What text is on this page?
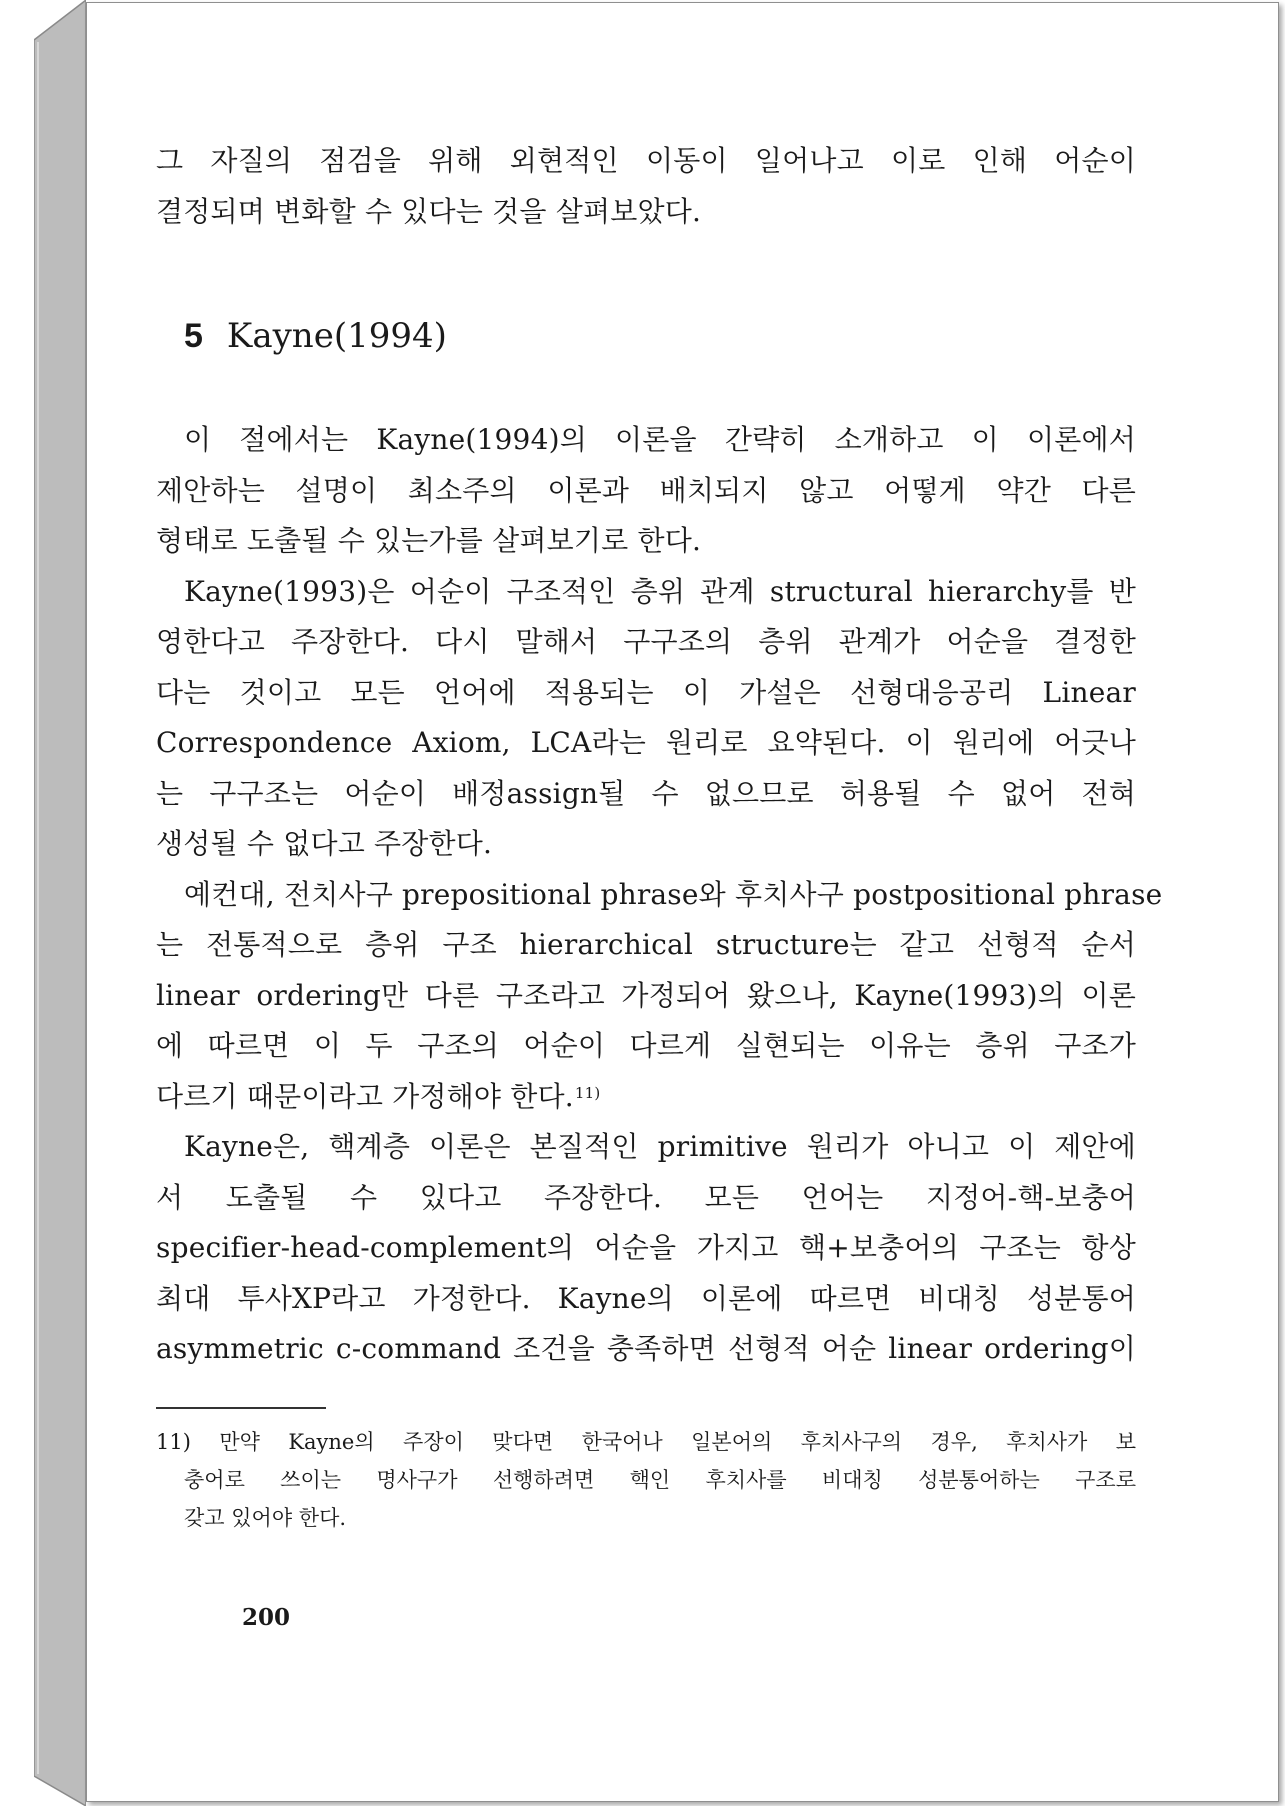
그 자질의 점검을 위해 외현적인 이동이 일어나고 이로 인해 어순이
결정되며 변화할 수 있다는 것을 살펴보았다.
5 Kayne(1994)
이 절에서는 Kayne(1994)의 이론을 간략히 소개하고 이 이론에서
제안하는 설명이 최소주의 이론과 배치되지 않고 어떻게 약간 다른
형태로 도출될 수 있는가를 살펴보기로 한다.
Kayne(1993)은 어순이 구조적인 층위 관계 structural hierarchy를 반
영한다고 주장한다. 다시 말해서 구구조의 층위 관계가 어순을 결정한
다는 것이고 모든 언어에 적용되는 이 가설은 선형대응공리 Linear
Correspondence Axiom, LCA라는 원리로 요약된다. 이 원리에 어긋나
는 구구조는 어순이 배정assign될 수 없으므로 허용될 수 없어 전혀
생성될 수 없다고 주장한다.
예컨대, 전치사구 prepositional phrase와 후치사구 postpositional phrase
는 전통적으로 층위 구조 hierarchical structure는 같고 선형적 순서
linear ordering만 다른 구조라고 가정되어 왔으나, Kayne(1993)의 이론
에 따르면 이 두 구조의 어순이 다르게 실현되는 이유는 층위 구조가
다르기 때문이라고 가정해야 한다.$^{11)}$
Kayne은, 핵계층 이론은 본질적인 primitive 원리가 아니고 이 제안에
서 도출될 수 있다고 주장한다. 모든 언어는 지정어-핵-보충어
specifier-head-complement의 어순을 가지고 핵+보충어의 구조는 항상
최대 투사XP라고 가정한다. Kayne의 이론에 따르면 비대칭 성분통어
asymmetric c-command 조건을 충족하면 선형적 어순 linear ordering이
11) 만약 Kayne의 주장이 맞다면 한국어나 일본어의 후치사구의 경우, 후치사가 보
충어로 쓰이는 명사구가 선행하려면 핵인 후치사를 비대칭 성분통어하는 구조로
갖고 있어야 한다.
200
